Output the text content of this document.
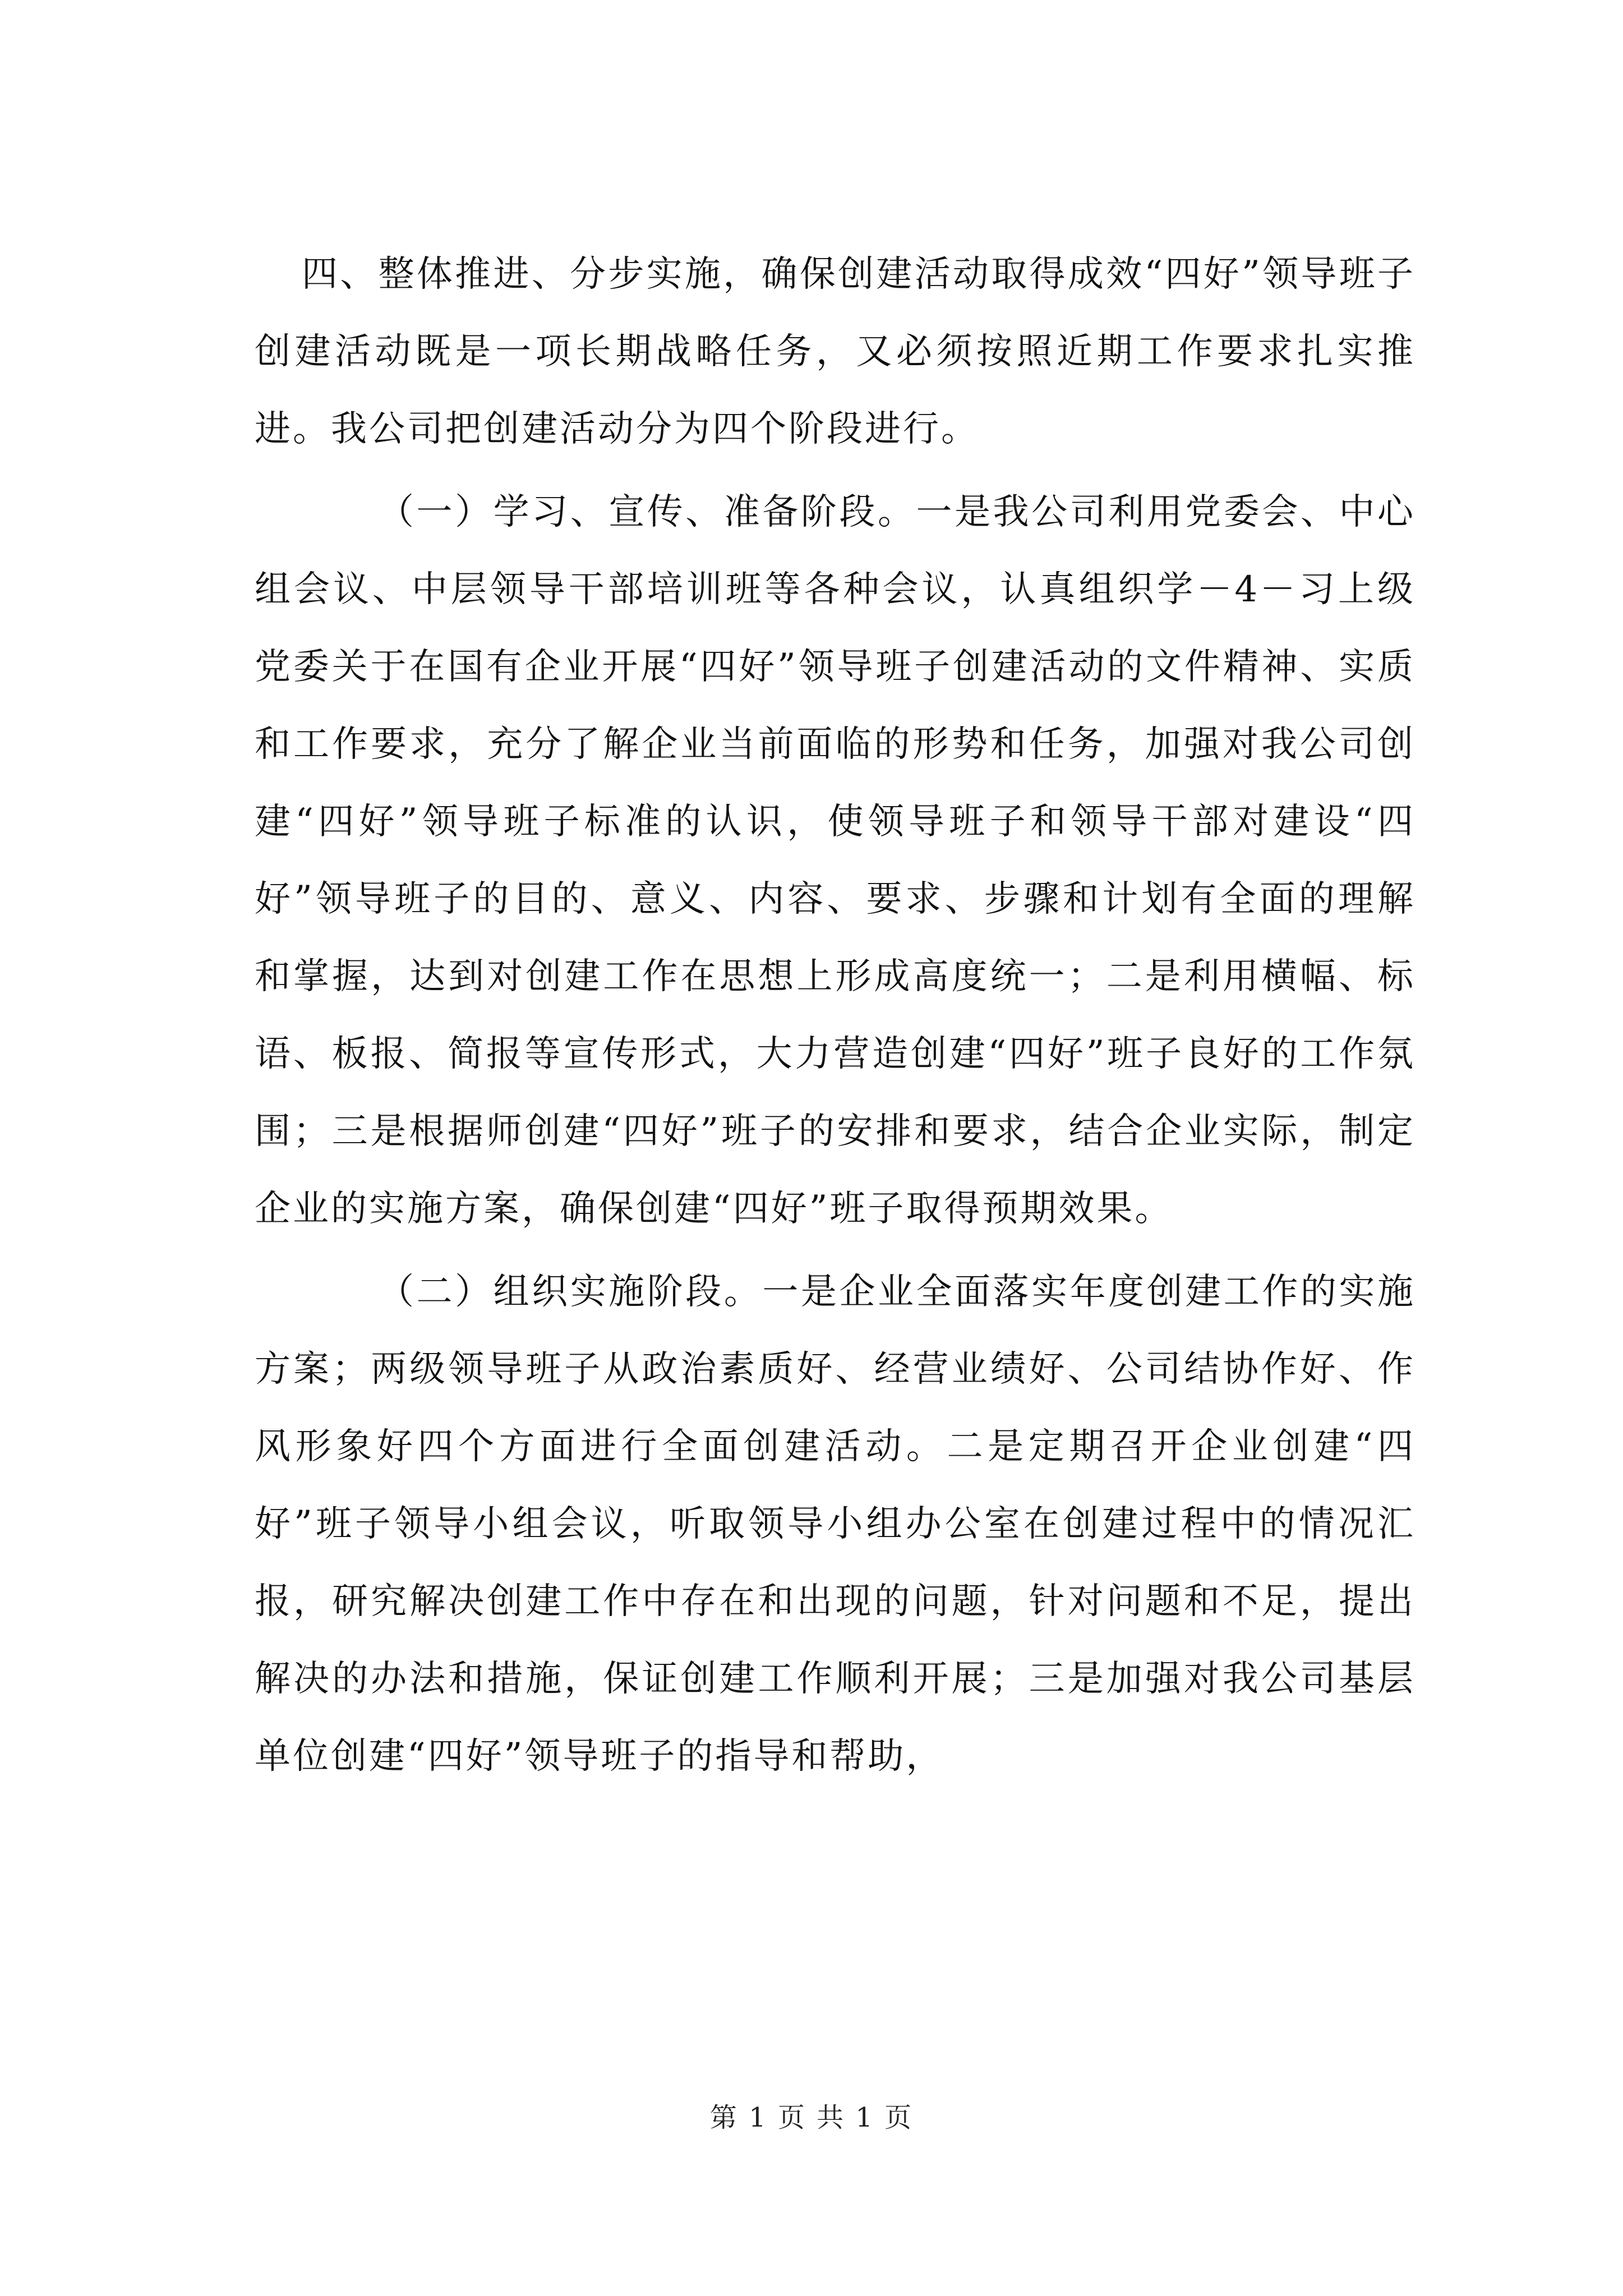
四、整体推进、分步实施，确保创建活动取得成效“四好”领导班子创建活动既是一项长期战略任务，又必须按照近期工作要求扎实推进。我公司把创建活动分为四个阶段进行。

（一）学习、宣传、准备阶段。一是我公司利用党委会、中心组会议、中层领导干部培训班等各种会议，认真组织学－4－习上级党委关于在国有企业开展“四好”领导班子创建活动的文件精神、实质和工作要求，充分了解企业当前面临的形势和任务，加强对我公司创建“四好”领导班子标准的认识，使领导班子和领导干部对建设“四好”领导班子的目的、意义、内容、要求、步骤和计划有全面的理解和掌握，达到对创建工作在思想上形成高度统一；二是利用横幅、标语、板报、简报等宣传形式，大力营造创建“四好”班子良好的工作氛围；三是根据师创建“四好”班子的安排和要求，结合企业实际，制定企业的实施方案，确保创建“四好”班子取得预期效果。

（二）组织实施阶段。一是企业全面落实年度创建工作的实施方案；两级领导班子从政治素质好、经营业绩好、公司结协作好、作风形象好四个方面进行全面创建活动。二是定期召开企业创建“四好”班子领导小组会议，听取领导小组办公室在创建过程中的情况汇报，研究解决创建工作中存在和出现的问题，针对问题和不足，提出解决的办法和措施，保证创建工作顺利开展；三是加强对我公司基层单位创建“四好”领导班子的指导和帮助，

第 1 页 共 1 页
